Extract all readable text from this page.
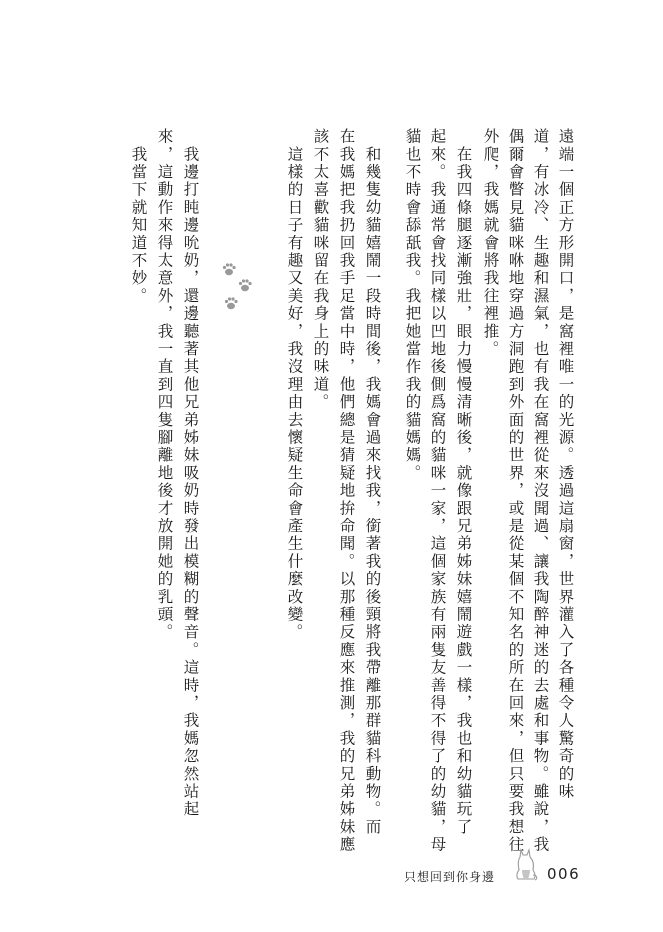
遠端一個正方形開口，是窩裡唯一的光源。透過這扇窗，世界灌入了各種令人驚奇的味
道，有冰冷、生趣和濕氣，也有我在窩裡從來沒聞過、讓我陶醉神迷的去處和事物。雖說，我
偶爾會瞥見貓咪咻地穿過方洞跑到外面的世界，或是從某個不知名的所在回來，但只要我想往
外爬，我媽就會將我往裡推。
　在我四條腿逐漸強壯，眼力慢慢清晰後，就像跟兄弟姊妹嬉鬧遊戲一樣，我也和幼貓玩了
起來。我通常會找同樣以凹地後側爲窩的貓咪一家，這個家族有兩隻友善得不得了的幼貓，母
貓也不時會舔舐我。我把她當作我的貓媽媽。
　和幾隻幼貓嬉鬧一段時間後，我媽會過來找我，銜著我的後頸將我帶離那群貓科動物。而
在我媽把我扔回我手足當中時，他們總是猜疑地拚命聞。以那種反應來推測，我的兄弟姊妹應
該不太喜歡貓咪留在我身上的味道。
　這樣的日子有趣又美好，我沒理由去懷疑生命會產生什麼改變。
　我邊打盹邊吮奶，還邊聽著其他兄弟姊妹吸奶時發出模糊的聲音。這時，我媽忽然站起
來，這動作來得太意外，我一直到四隻腳離地後才放開她的乳頭。
　我當下就知道不妙。
只想回到你身邊	006
